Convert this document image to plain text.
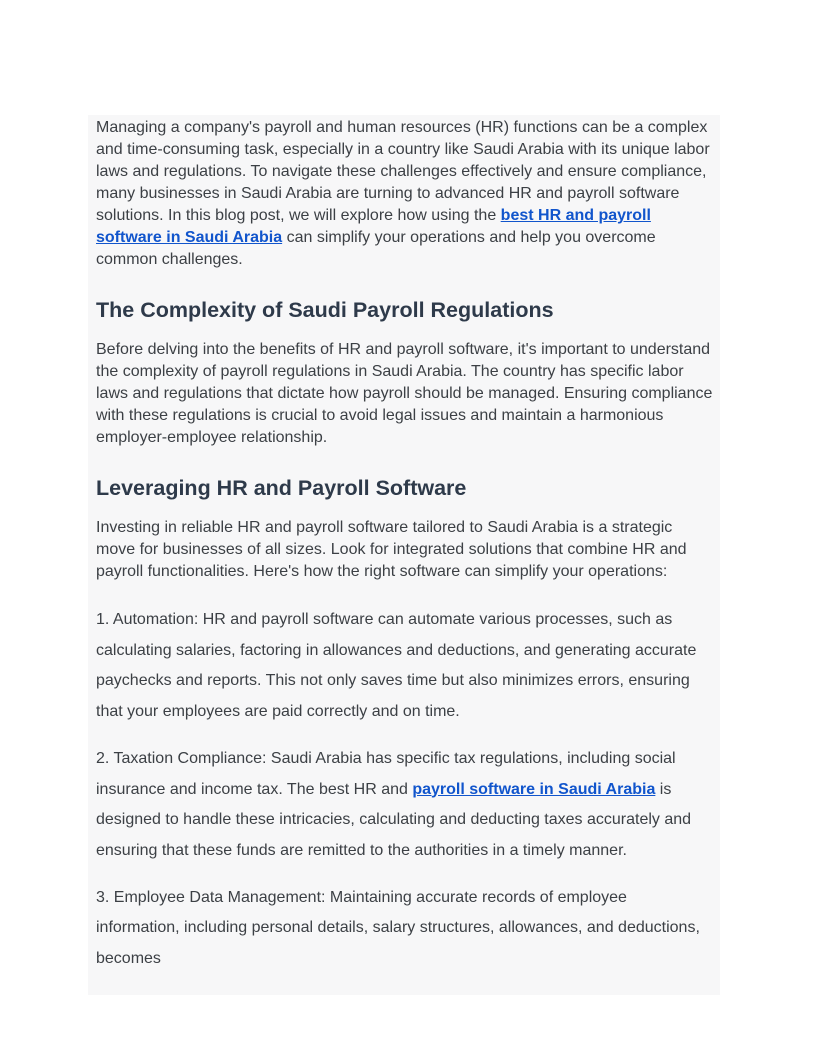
Managing a company's payroll and human resources (HR) functions can be a complex and time-consuming task, especially in a country like Saudi Arabia with its unique labor laws and regulations. To navigate these challenges effectively and ensure compliance, many businesses in Saudi Arabia are turning to advanced HR and payroll software solutions. In this blog post, we will explore how using the best HR and payroll software in Saudi Arabia can simplify your operations and help you overcome common challenges.

The Complexity of Saudi Payroll Regulations

Before delving into the benefits of HR and payroll software, it's important to understand the complexity of payroll regulations in Saudi Arabia. The country has specific labor laws and regulations that dictate how payroll should be managed. Ensuring compliance with these regulations is crucial to avoid legal issues and maintain a harmonious employer-employee relationship.

Leveraging HR and Payroll Software

Investing in reliable HR and payroll software tailored to Saudi Arabia is a strategic move for businesses of all sizes. Look for integrated solutions that combine HR and payroll functionalities. Here's how the right software can simplify your operations:

1. Automation: HR and payroll software can automate various processes, such as calculating salaries, factoring in allowances and deductions, and generating accurate paychecks and reports. This not only saves time but also minimizes errors, ensuring that your employees are paid correctly and on time.

2. Taxation Compliance: Saudi Arabia has specific tax regulations, including social insurance and income tax. The best HR and payroll software in Saudi Arabia is designed to handle these intricacies, calculating and deducting taxes accurately and ensuring that these funds are remitted to the authorities in a timely manner.

3. Employee Data Management: Maintaining accurate records of employee information, including personal details, salary structures, allowances, and deductions, becomes
